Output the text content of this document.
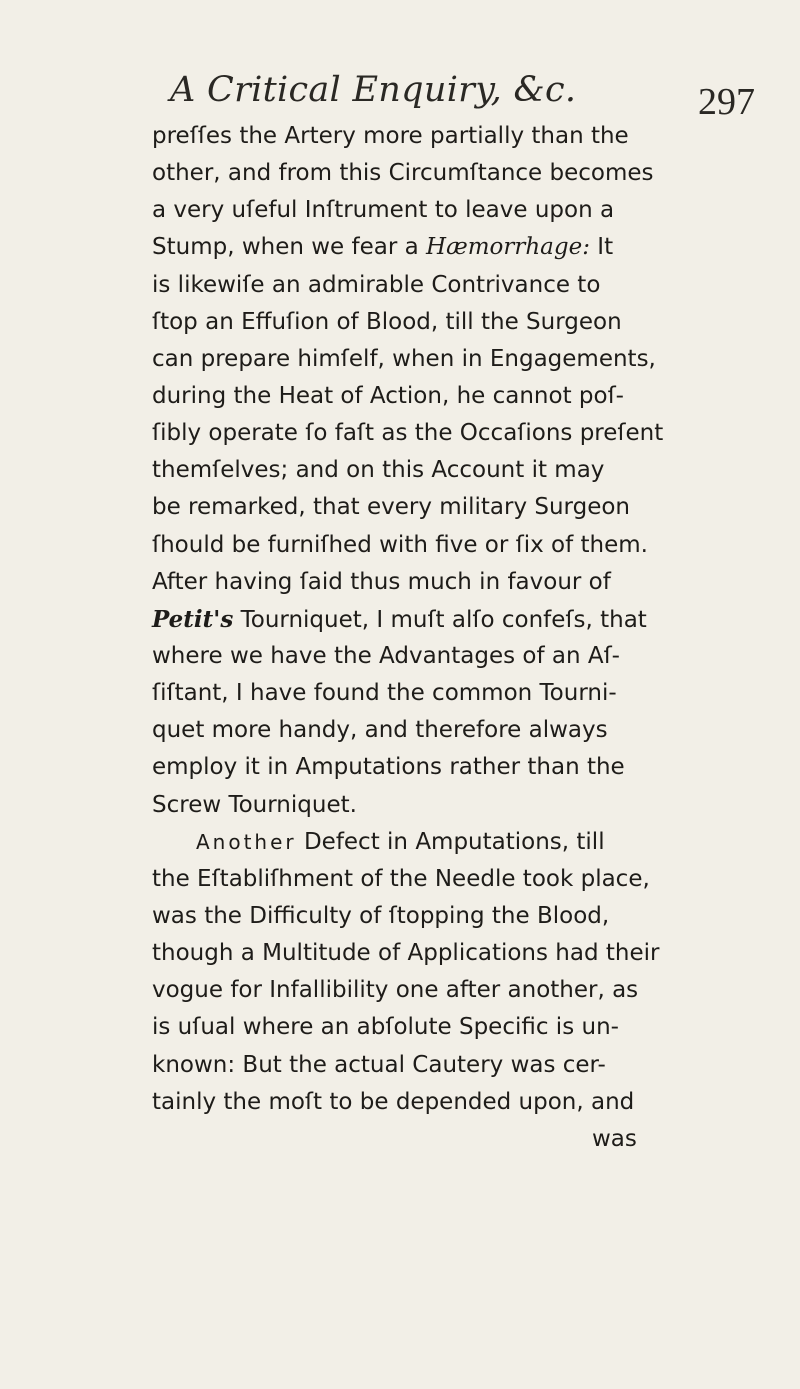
A Critical Enquiry, &c.	297
preſſes the Artery more partially than the
other, and from this Circumſtance becomes
a very uſeful Inſtrument to leave upon a
Stump, when we fear a Hæmorrhage: It
is likewiſe an admirable Contrivance to
ſtop an Effuſion of Blood, till the Surgeon
can prepare himſelf, when in Engagements,
during the Heat of Action, he cannot poſ-
ſibly operate ſo faſt as the Occaſions preſent
themſelves; and on this Account it may
be remarked, that every military Surgeon
ſhould be furniſhed with five or ſix of them.
After having ſaid thus much in favour of
Petit's Tourniquet, I muſt alſo confeſs, that
where we have the Advantages of an Aſ-
ſiſtant, I have found the common Tourni-
quet more handy, and therefore always
employ it in Amputations rather than the
Screw Tourniquet.
Another Defect in Amputations, till
the Eſtabliſhment of the Needle took place,
was the Difficulty of ſtopping the Blood,
though a Multitude of Applications had their
vogue for Infallibility one after another, as
is uſual where an abſolute Specific is un-
known: But the actual Cautery was cer-
tainly the moſt to be depended upon, and
was
